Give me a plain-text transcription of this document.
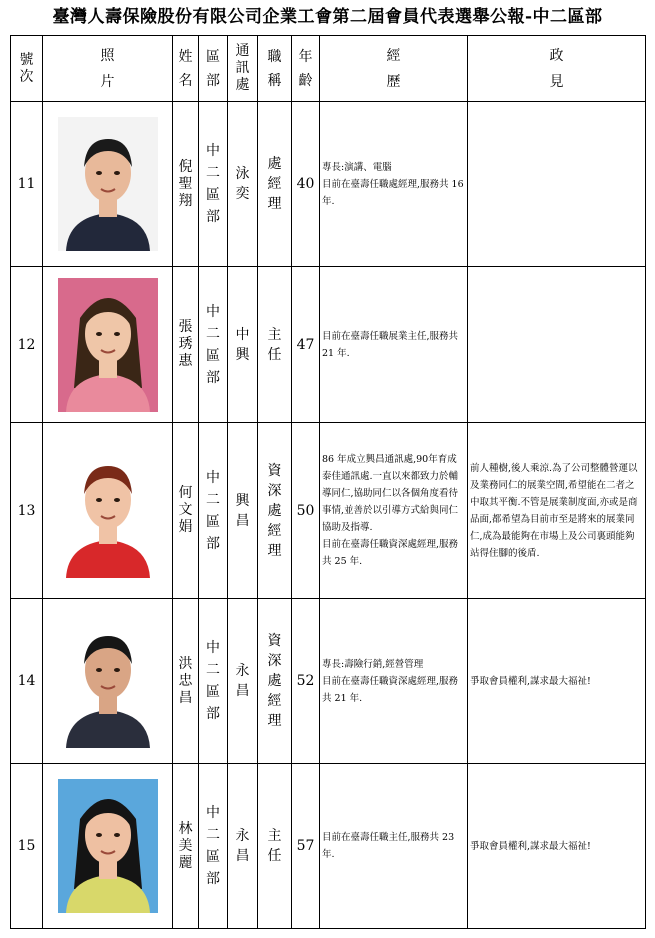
臺灣人壽保險股份有限公司企業工會第二屆會員代表選舉公報-中二區部
號次	照片	姓名	區部	通訊處	職稱	年齡	經歷	政見
11		倪聖翔	中二區部	泳奕	處經理	40	專長:演講、電腦
目前在臺壽任職處經理,服務共 16 年.	
12		張琇惠	中二區部	中興	主任	47	目前在臺壽任職展業主任,服務共 21 年.	
13		何文娟	中二區部	興昌	資深處經理	50	86 年成立興昌通訊處,90年育成泰佳通訊處.一直以來都致力於輔導同仁,協助同仁以各個角度看待事情,並善於以引導方式給與同仁協助及指導.
目前在臺壽任職資深處經理,服務共 25 年.	前人種樹,後人乘涼.為了公司整體營運以及業務同仁的展業空間,希望能在二者之中取其平衡.不管是展業制度面,亦或是商品面,都希望為目前市至是將來的展業同仁,成為最能夠在市場上及公司裏頭能夠站得住腳的後盾.
14		洪忠昌	中二區部	永昌	資深處經理	52	專長:壽險行銷,經營管理
目前在臺壽任職資深處經理,服務共 21 年.	爭取會員權利,謀求最大福祉!
15		林美麗	中二區部	永昌	主任	57	目前在臺壽任職主任,服務共 23 年.	爭取會員權利,謀求最大福祉!
